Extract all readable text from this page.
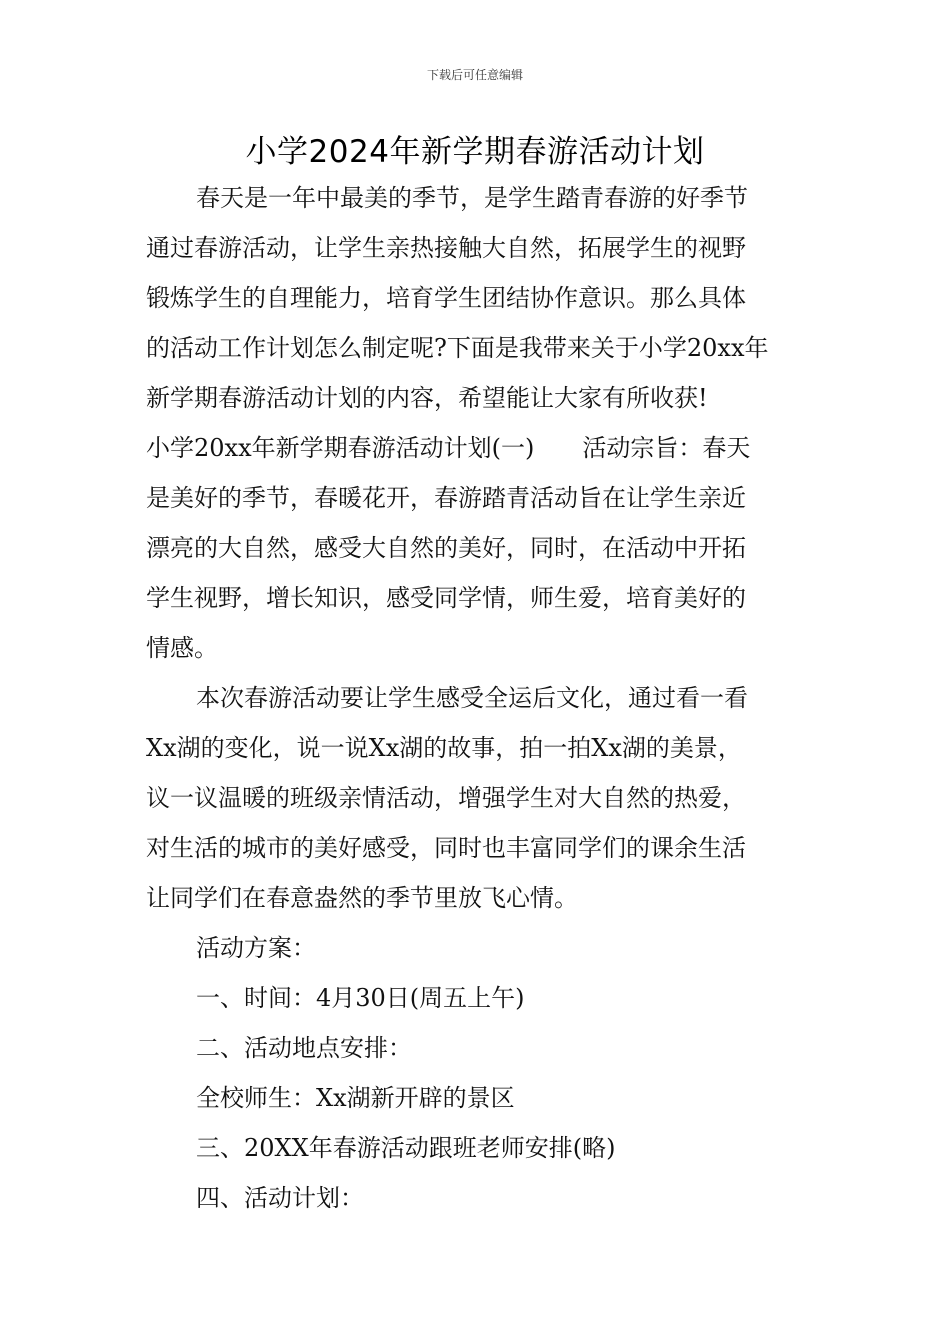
下载后可任意编辑
小学2024年新学期春游活动计划
春天是一年中最美的季节，是学生踏青春游的好季节
通过春游活动，让学生亲热接触大自然，拓展学生的视野
锻炼学生的自理能力，培育学生团结协作意识。那么具体
的活动工作计划怎么制定呢?下面是我带来关于小学20xx年
新学期春游活动计划的内容，希望能让大家有所收获!
小学20xx年新学期春游活动计划(一)　　活动宗旨：春天
是美好的季节，春暖花开，春游踏青活动旨在让学生亲近
漂亮的大自然，感受大自然的美好，同时，在活动中开拓
学生视野，增长知识，感受同学情，师生爱，培育美好的
情感。
本次春游活动要让学生感受全运后文化，通过看一看
Xx湖的变化，说一说Xx湖的故事，拍一拍Xx湖的美景，
议一议温暖的班级亲情活动，增强学生对大自然的热爱，
对生活的城市的美好感受，同时也丰富同学们的课余生活
让同学们在春意盎然的季节里放飞心情。
活动方案：
一、时间：4月30日(周五上午)
二、活动地点安排：
全校师生：Xx湖新开辟的景区
三、20XX年春游活动跟班老师安排(略)
四、活动计划：
